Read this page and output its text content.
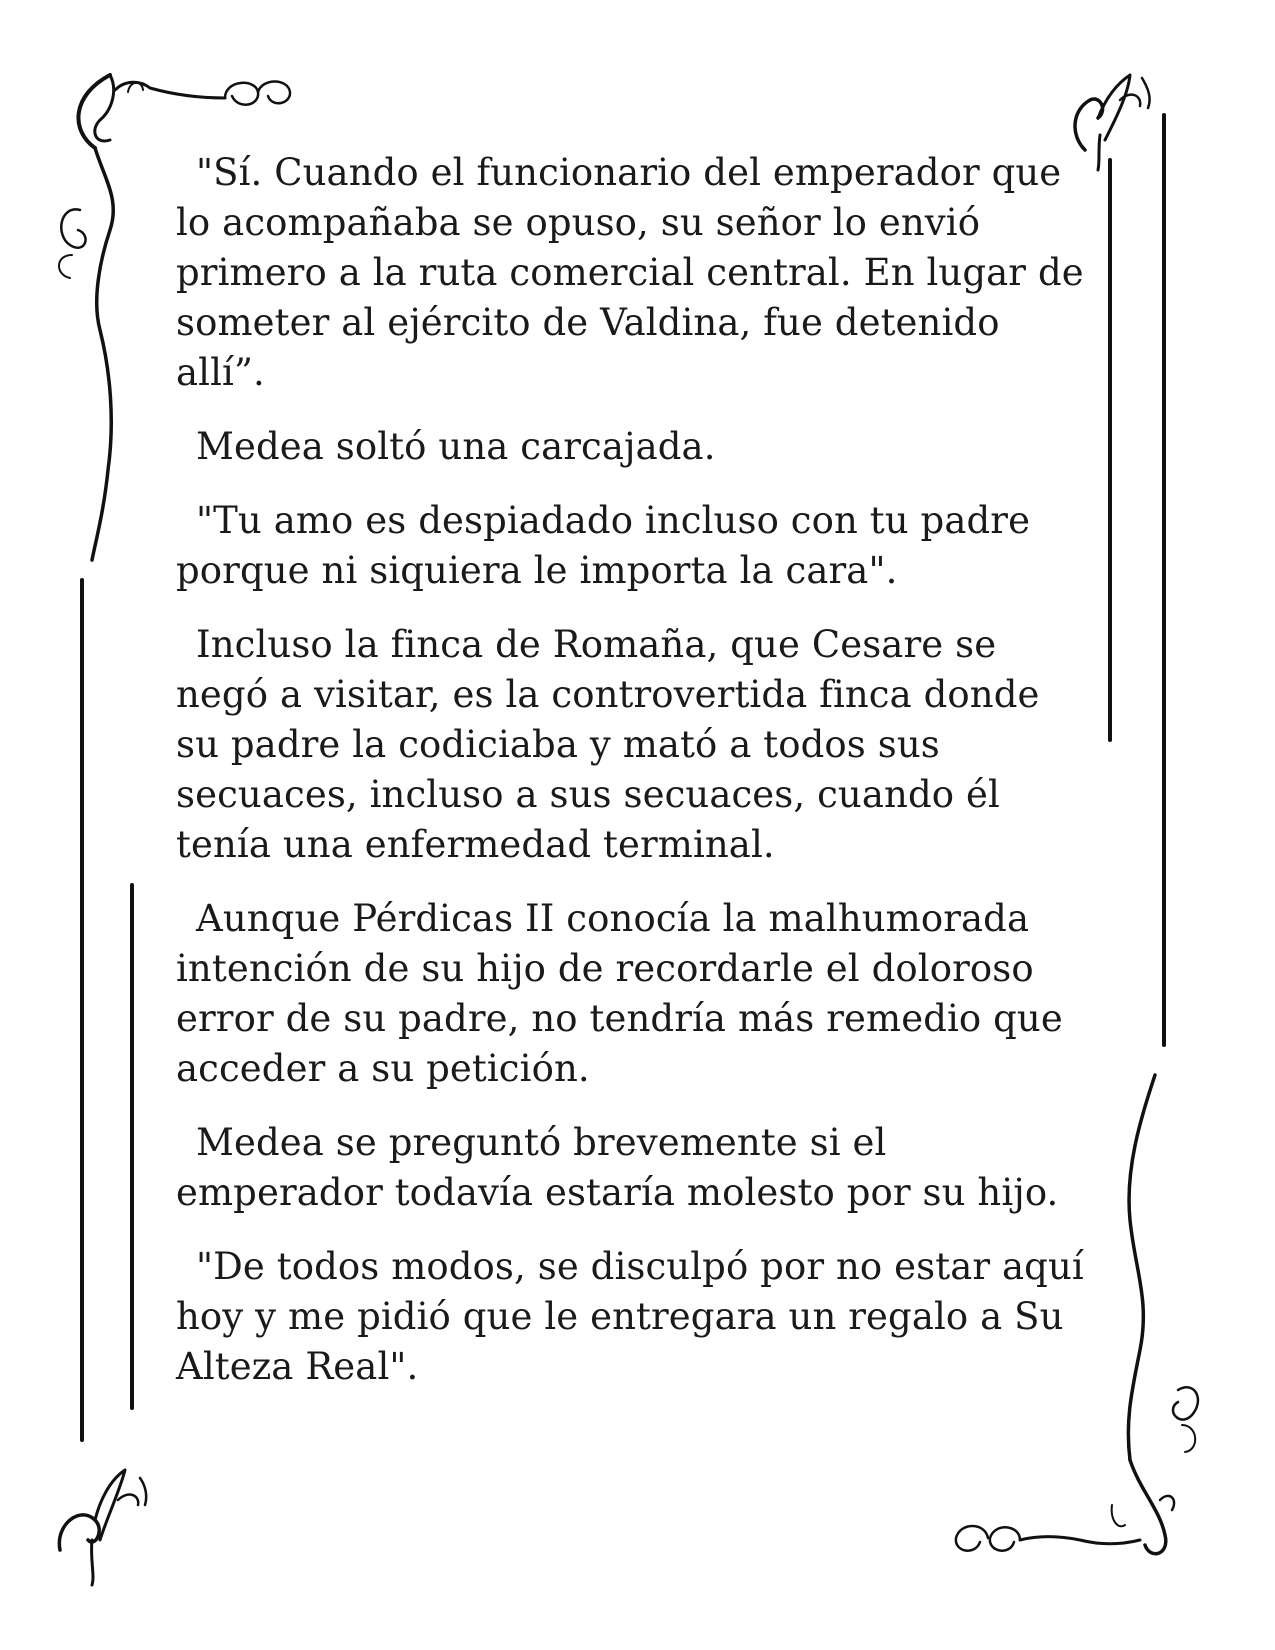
"Sí. Cuando el funcionario del emperador que lo acompañaba se opuso, su señor lo envió primero a la ruta comercial central. En lugar de someter al ejército de Valdina, fue detenido allí”.

Medea soltó una carcajada.

"Tu amo es despiadado incluso con tu padre porque ni siquiera le importa la cara".

Incluso la finca de Romaña, que Cesare se negó a visitar, es la controvertida finca donde su padre la codiciaba y mató a todos sus secuaces, incluso a sus secuaces, cuando él tenía una enfermedad terminal.

Aunque Pérdicas II conocía la malhumorada intención de su hijo de recordarle el doloroso error de su padre, no tendría más remedio que acceder a su petición.

Medea se preguntó brevemente si el emperador todavía estaría molesto por su hijo.

"De todos modos, se disculpó por no estar aquí hoy y me pidió que le entregara un regalo a Su Alteza Real".
